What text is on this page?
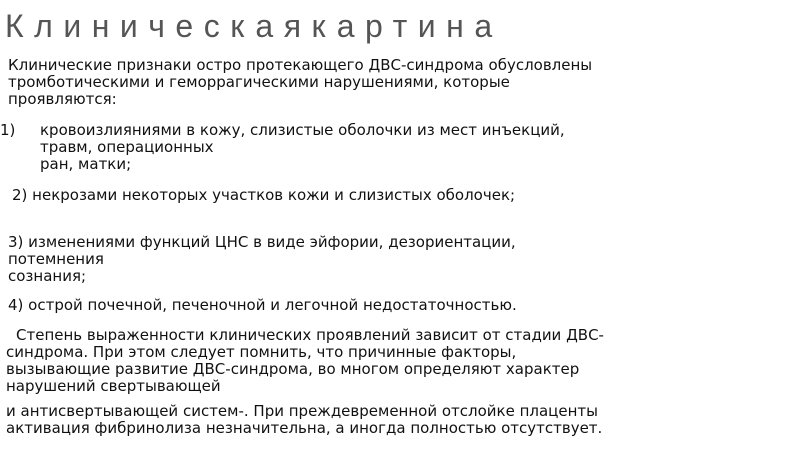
Клиническаякартина

Клинические признаки остро протекающего ДВС-синдрома обусловлены

тромботическими и геморрагическими нарушениями, которые

проявляются:

1) кровоизлияниями в кожу, слизистые оболочки из мест инъекций,

травм, операционных

ран, матки;

2) некрозами некоторых участков кожи и слизистых оболочек;

3) изменениями функций ЦНС в виде эйфории, дезориентации,

потемнения

сознания;

4) острой почечной, печеночной и легочной недостаточностью.

Степень выраженности клинических проявлений зависит от стадии ДВС-

синдрома. При этом следует помнить, что причинные факторы,

вызывающие развитие ДВС-синдрома, во многом определяют характер

нарушений свертывающей

и антисвертывающей систем-. При преждевременной отслойке плаценты

активация фибринолиза незначительна, а иногда полностью отсутствует.
